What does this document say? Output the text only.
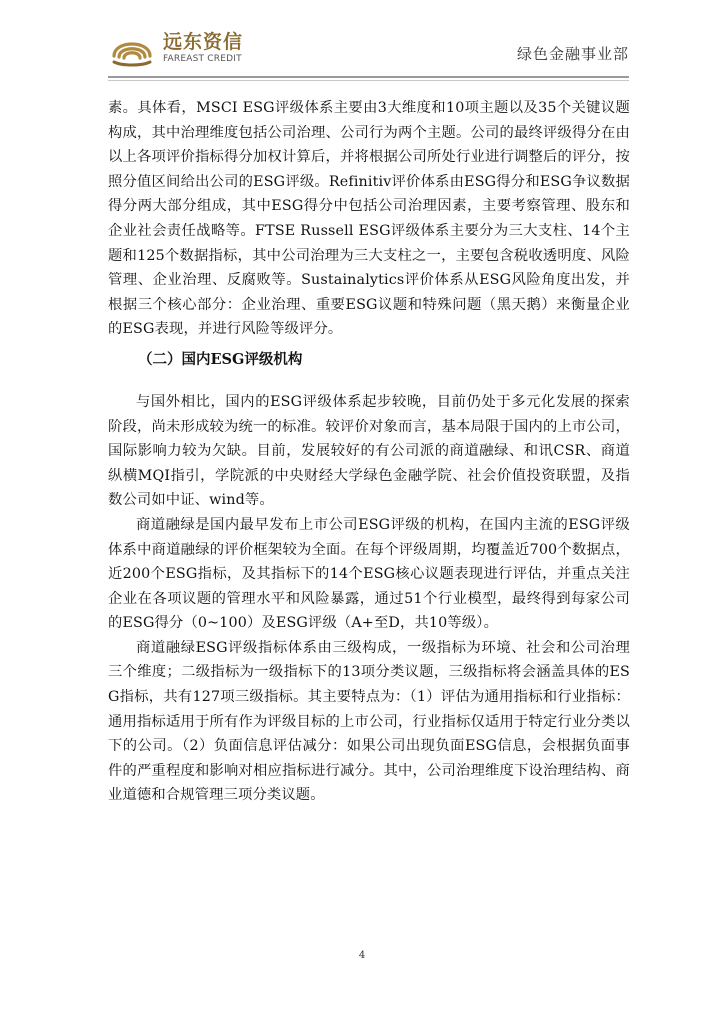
远东资信
FAREAST CREDIT	绿色金融事业部

素。具体看，MSCI ESG评级体系主要由3大维度和10项主题以及35个关键议题构成，其中治理维度包括公司治理、公司行为两个主题。公司的最终评级得分在由以上各项评价指标得分加权计算后，并将根据公司所处行业进行调整后的评分，按照分值区间给出公司的ESG评级。Refinitiv评价体系由ESG得分和ESG争议数据得分两大部分组成，其中ESG得分中包括公司治理因素，主要考察管理、股东和企业社会责任战略等。FTSE Russell ESG评级体系主要分为三大支柱、14个主题和125个数据指标，其中公司治理为三大支柱之一，主要包含税收透明度、风险管理、企业治理、反腐败等。Sustainalytics评价体系从ESG风险角度出发，并根据三个核心部分：企业治理、重要ESG议题和特殊问题（黑天鹅）来衡量企业的ESG表现，并进行风险等级评分。

（二）国内ESG评级机构

与国外相比，国内的ESG评级体系起步较晚，目前仍处于多元化发展的探索阶段，尚未形成较为统一的标准。较评价对象而言，基本局限于国内的上市公司，国际影响力较为欠缺。目前，发展较好的有公司派的商道融绿、和讯CSR、商道纵横MQI指引，学院派的中央财经大学绿色金融学院、社会价值投资联盟，及指数公司如中证、wind等。

商道融绿是国内最早发布上市公司ESG评级的机构，在国内主流的ESG评级体系中商道融绿的评价框架较为全面。在每个评级周期，均覆盖近700个数据点，近200个ESG指标，及其指标下的14个ESG核心议题表现进行评估，并重点关注企业在各项议题的管理水平和风险暴露，通过51个行业模型，最终得到每家公司的ESG得分（0~100）及ESG评级（A+至D，共10等级）。

商道融绿ESG评级指标体系由三级构成，一级指标为环境、社会和公司治理三个维度；二级指标为一级指标下的13项分类议题，三级指标将会涵盖具体的ESG指标，共有127项三级指标。其主要特点为：（1）评估为通用指标和行业指标：通用指标适用于所有作为评级目标的上市公司，行业指标仅适用于特定行业分类以下的公司。（2）负面信息评估减分：如果公司出现负面ESG信息，会根据负面事件的严重程度和影响对相应指标进行减分。其中，公司治理维度下设治理结构、商业道德和合规管理三项分类议题。

4
